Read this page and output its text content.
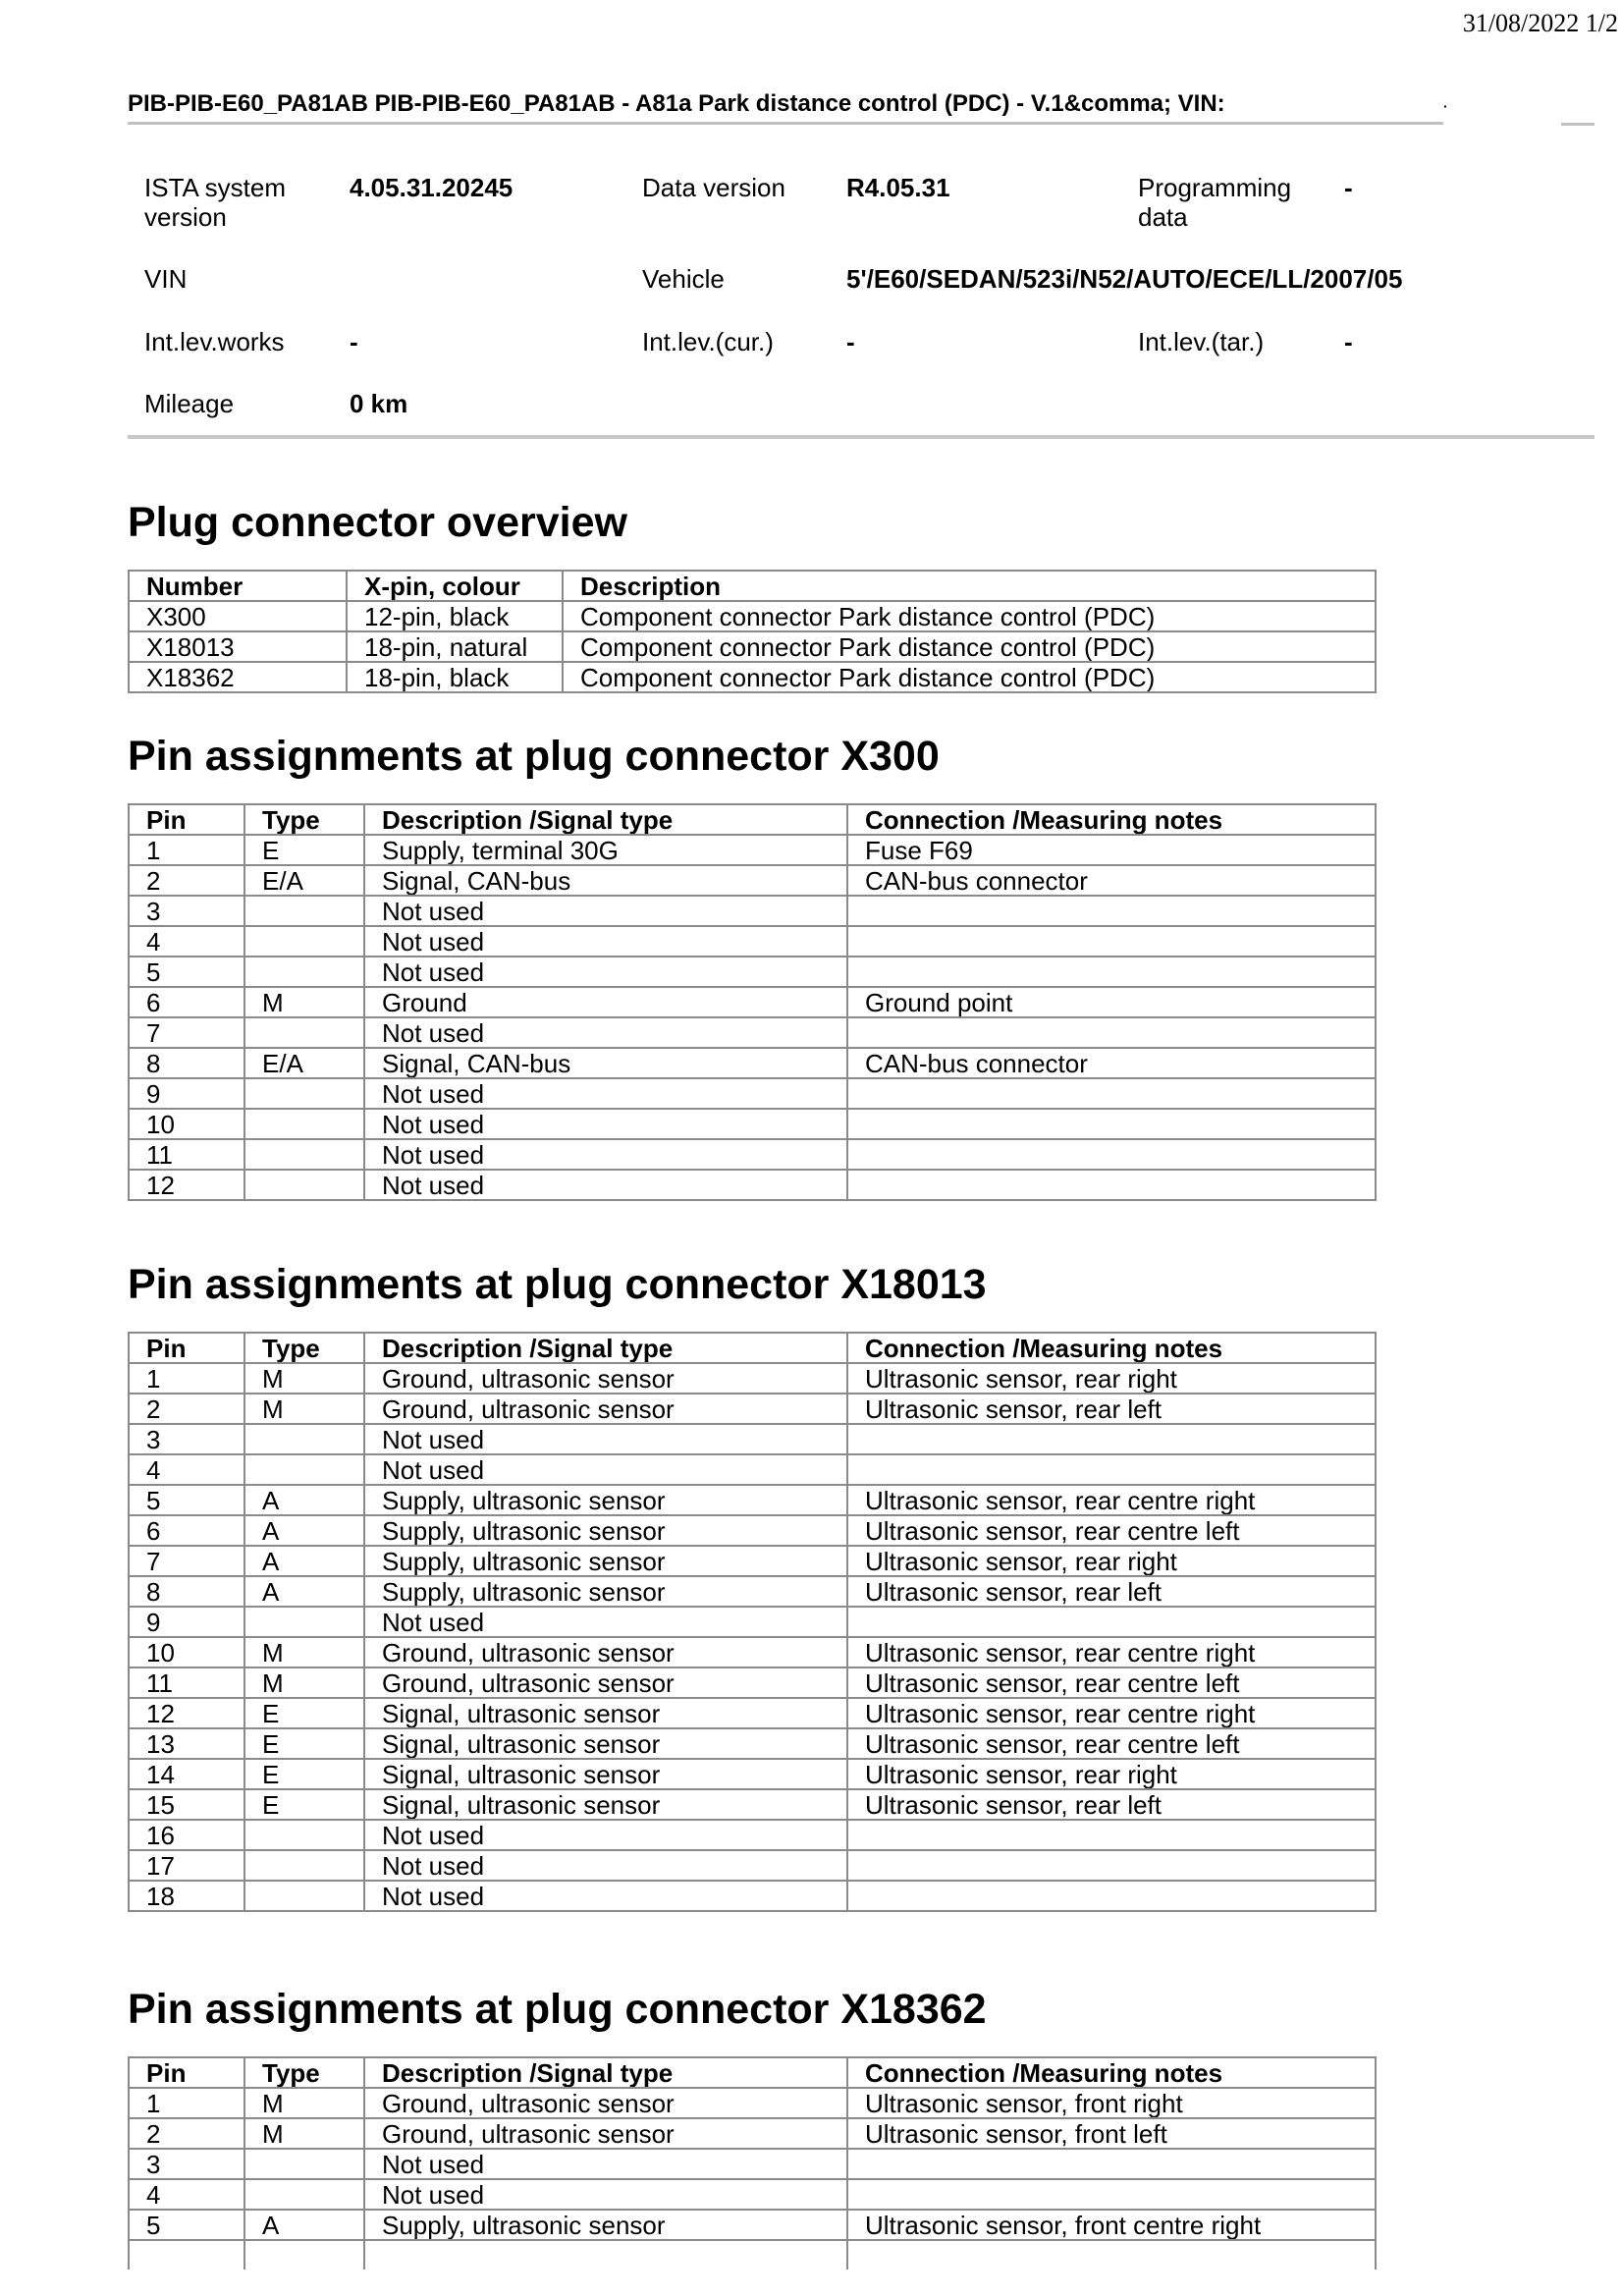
31/08/2022 1/2
PIB-PIB-E60_PA81AB PIB-PIB-E60_PA81AB - A81a Park distance control (PDC) - V.1&comma; VIN:	·
ISTA system
version
4.05.31.20245	Data version R4.05.31	Programming
data
-
VIN	Vehicle	5'/E60/SEDAN/523i/N52/AUTO/ECE/LL/2007/05
Int.lev.works	-	Int.lev.(cur.)	-	Int.lev.(tar.)	-
Mileage	0 km
Plug connector overview
Number	X-pin, colour	Description
X300	12-pin, black	Component connector Park distance control (PDC)
X18013	18-pin, natural	Component connector Park distance control (PDC)
X18362	18-pin, black	Component connector Park distance control (PDC)
Pin assignments at plug connector X300
Pin	Type	Description /Signal type	Connection /Measuring notes
1	E	Supply, terminal 30G	Fuse F69
2	E/A	Signal, CAN-bus	CAN-bus connector
3		Not used	
4		Not used	
5		Not used	
6	M	Ground	Ground point
7		Not used	
8	E/A	Signal, CAN-bus	CAN-bus connector
9		Not used	
10		Not used	
11		Not used	
12		Not used	
Pin assignments at plug connector X18013
Pin	Type	Description /Signal type	Connection /Measuring notes
1	M	Ground, ultrasonic sensor	Ultrasonic sensor, rear right
2	M	Ground, ultrasonic sensor	Ultrasonic sensor, rear left
3		Not used	
4		Not used	
5	A	Supply, ultrasonic sensor	Ultrasonic sensor, rear centre right
6	A	Supply, ultrasonic sensor	Ultrasonic sensor, rear centre left
7	A	Supply, ultrasonic sensor	Ultrasonic sensor, rear right
8	A	Supply, ultrasonic sensor	Ultrasonic sensor, rear left
9		Not used	
10	M	Ground, ultrasonic sensor	Ultrasonic sensor, rear centre right
11	M	Ground, ultrasonic sensor	Ultrasonic sensor, rear centre left
12	E	Signal, ultrasonic sensor	Ultrasonic sensor, rear centre right
13	E	Signal, ultrasonic sensor	Ultrasonic sensor, rear centre left
14	E	Signal, ultrasonic sensor	Ultrasonic sensor, rear right
15	E	Signal, ultrasonic sensor	Ultrasonic sensor, rear left
16		Not used	
17		Not used	
18		Not used	
Pin assignments at plug connector X18362
Pin	Type	Description /Signal type	Connection /Measuring notes
1	M	Ground, ultrasonic sensor	Ultrasonic sensor, front right
2	M	Ground, ultrasonic sensor	Ultrasonic sensor, front left
3		Not used	
4		Not used	
5	A	Supply, ultrasonic sensor	Ultrasonic sensor, front centre right
